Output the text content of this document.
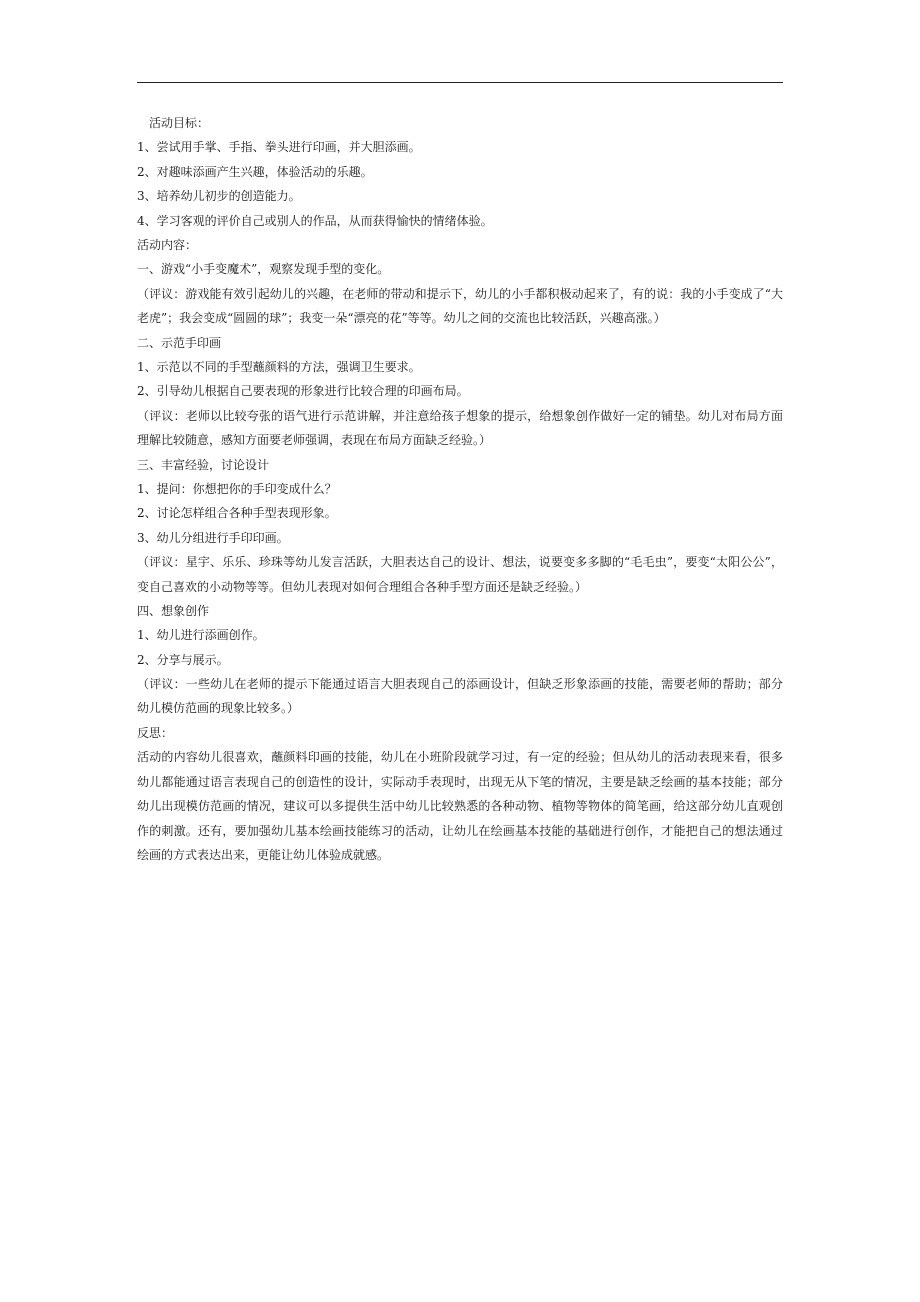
活动目标：
1、尝试用手掌、手指、拳头进行印画，并大胆添画。
2、对趣味添画产生兴趣，体验活动的乐趣。
3、培养幼儿初步的创造能力。
4、学习客观的评价自己或别人的作品，从而获得愉快的情绪体验。
活动内容：
一、游戏“小手变魔术”，观察发现手型的变化。
（评议：游戏能有效引起幼儿的兴趣，在老师的带动和提示下，幼儿的小手都积极动起来了，有的说：我的小手变成了“大老虎”；我会变成“圆圆的球”；我变一朵“漂亮的花”等等。幼儿之间的交流也比较活跃，兴趣高涨。）
二、示范手印画
1、示范以不同的手型蘸颜料的方法，强调卫生要求。
2、引导幼儿根据自己要表现的形象进行比较合理的印画布局。
（评议：老师以比较夸张的语气进行示范讲解，并注意给孩子想象的提示，给想象创作做好一定的铺垫。幼儿对布局方面理解比较随意，感知方面要老师强调，表现在布局方面缺乏经验。）
三、丰富经验，讨论设计
1、提问：你想把你的手印变成什么？
2、讨论怎样组合各种手型表现形象。
3、幼儿分组进行手印印画。
（评议：星宇、乐乐、珍珠等幼儿发言活跃，大胆表达自己的设计、想法，说要变多多脚的“毛毛虫”，要变“太阳公公”，变自己喜欢的小动物等等。但幼儿表现对如何合理组合各种手型方面还是缺乏经验。）
四、想象创作
1、幼儿进行添画创作。
2、分享与展示。
（评议：一些幼儿在老师的提示下能通过语言大胆表现自己的添画设计，但缺乏形象添画的技能，需要老师的帮助；部分幼儿模仿范画的现象比较多。）
反思：
活动的内容幼儿很喜欢，蘸颜料印画的技能，幼儿在小班阶段就学习过，有一定的经验；但从幼儿的活动表现来看，很多幼儿都能通过语言表现自己的创造性的设计，实际动手表现时，出现无从下笔的情况，主要是缺乏绘画的基本技能；部分幼儿出现模仿范画的情况，建议可以多提供生活中幼儿比较熟悉的各种动物、植物等物体的简笔画，给这部分幼儿直观创作的刺激。还有，要加强幼儿基本绘画技能练习的活动，让幼儿在绘画基本技能的基础进行创作，才能把自己的想法通过绘画的方式表达出来，更能让幼儿体验成就感。
